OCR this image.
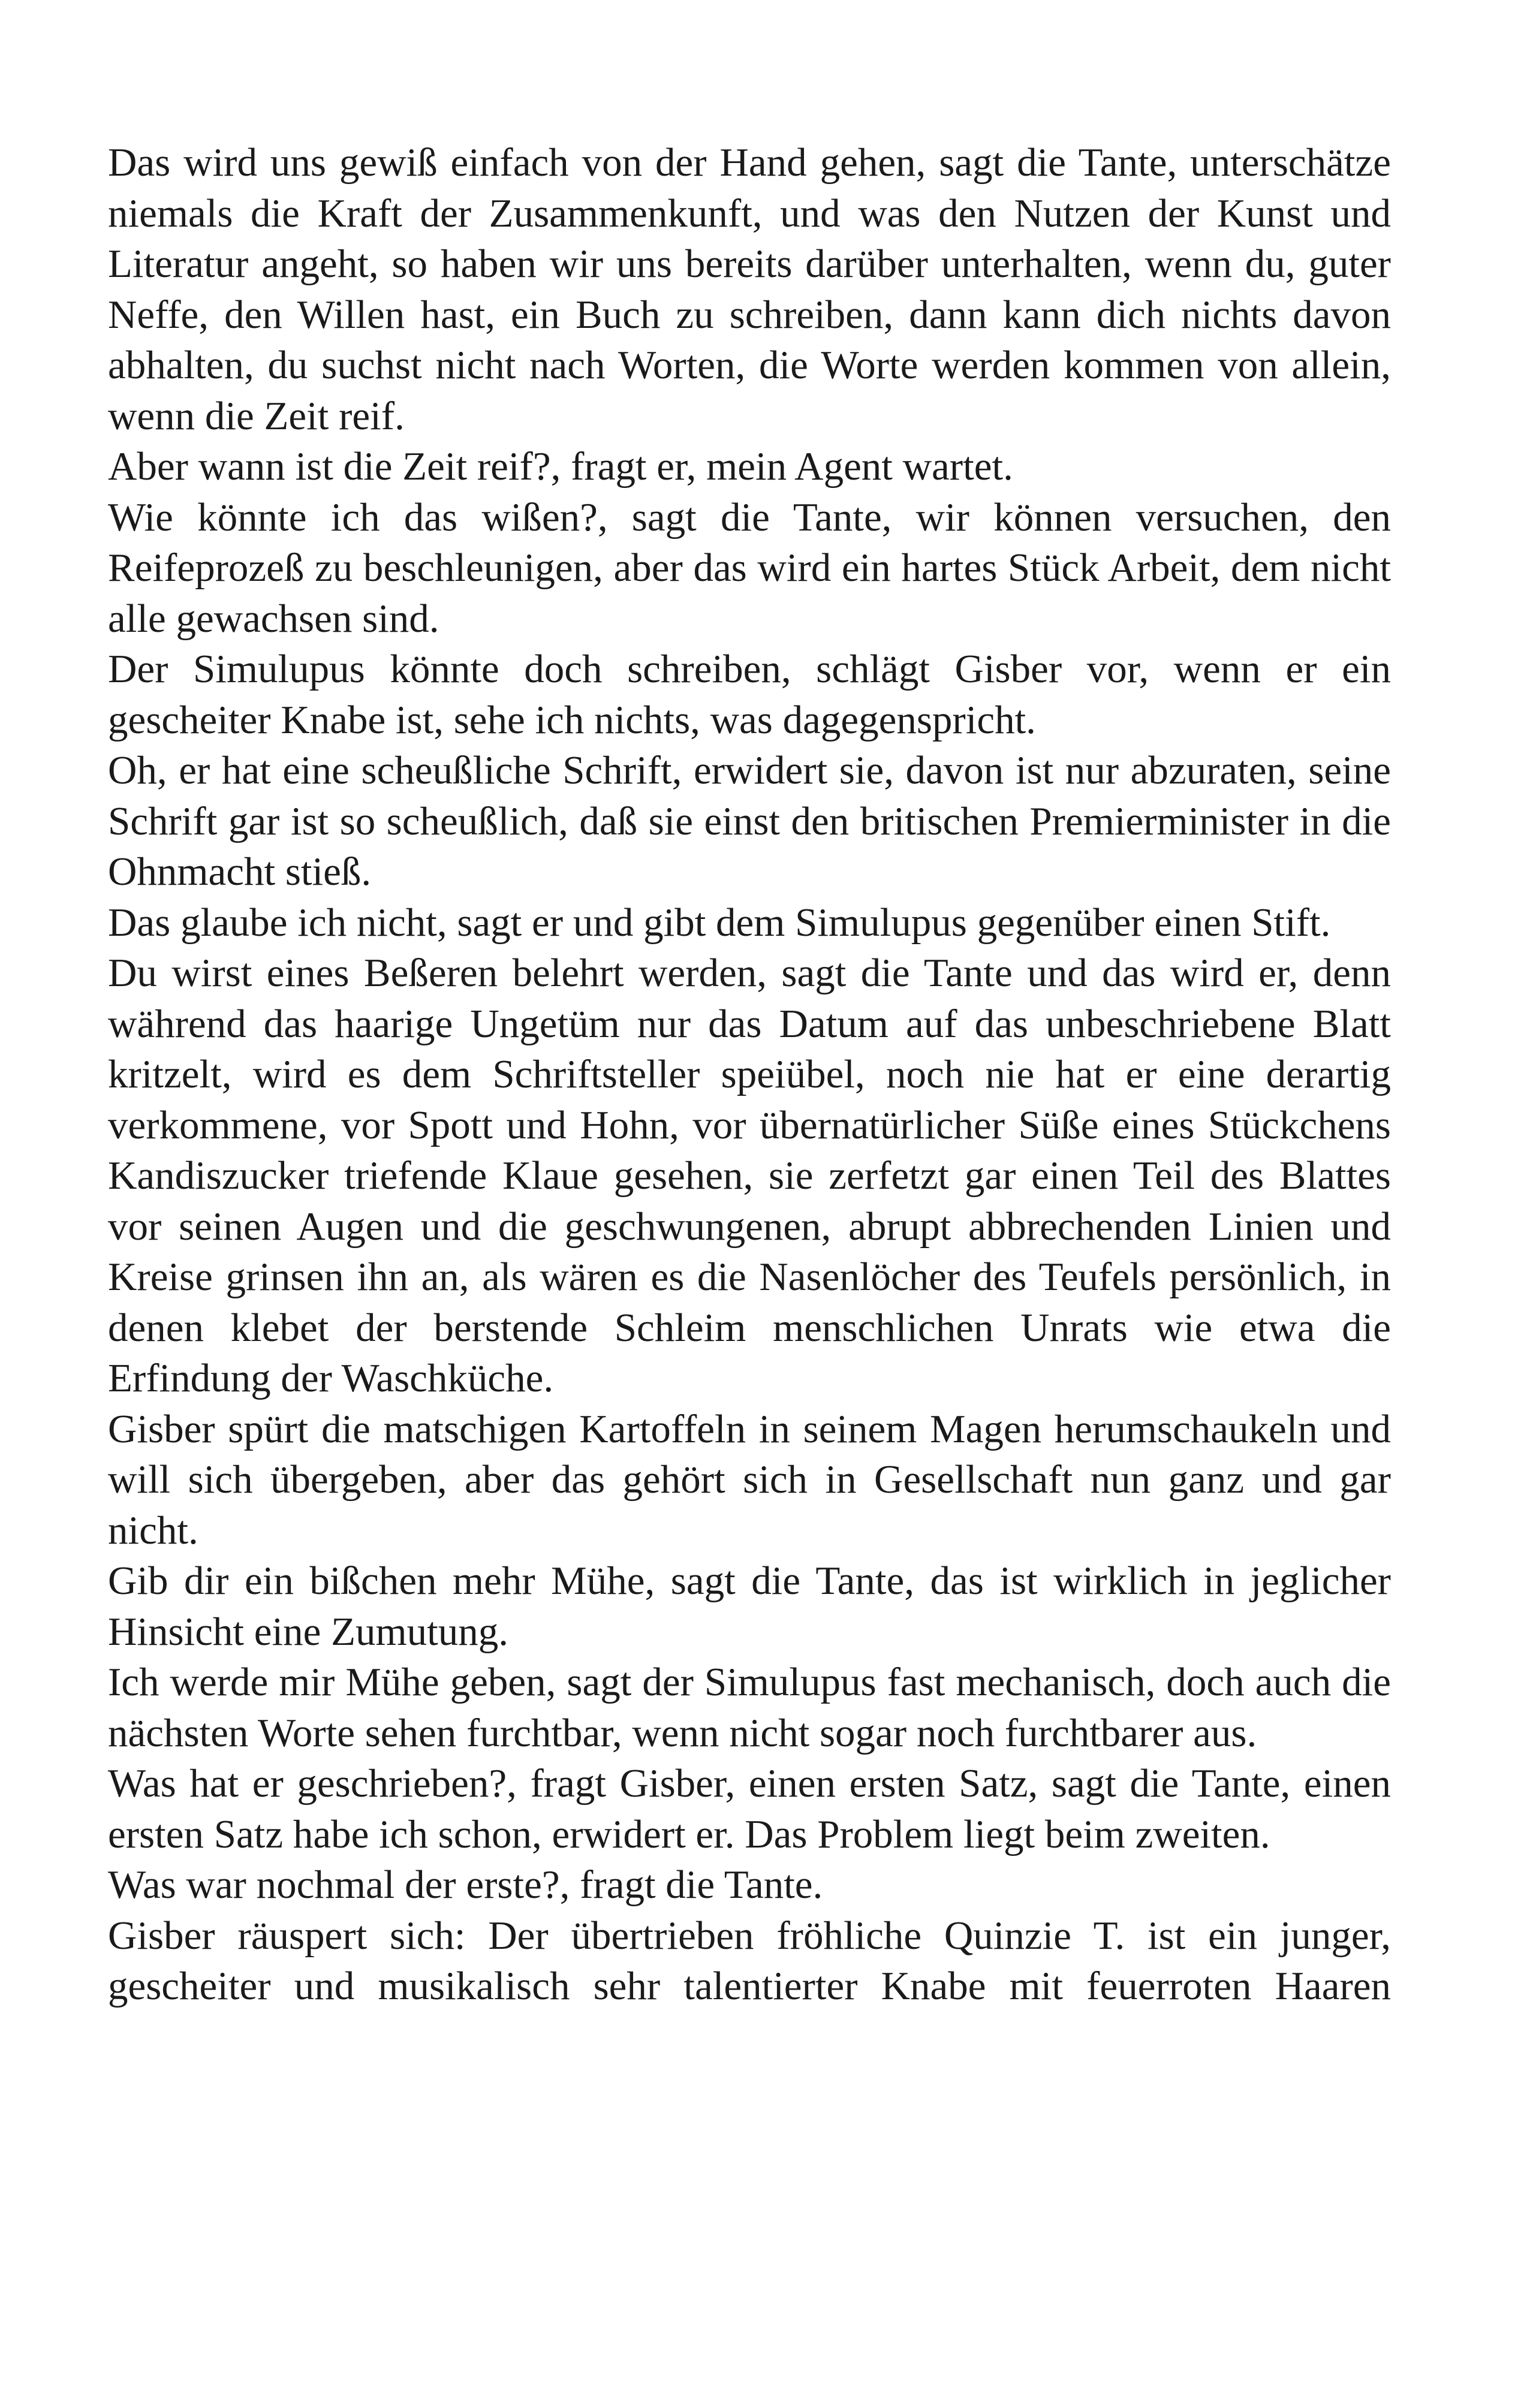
Das wird uns gewiß einfach von der Hand gehen, sagt die Tante, unterschätze niemals die Kraft der Zusammenkunft, und was den Nutzen der Kunst und Literatur angeht, so haben wir uns bereits darüber unterhalten, wenn du, guter Neffe, den Willen hast, ein Buch zu schreiben, dann kann dich nichts davon abhalten, du suchst nicht nach Worten, die Worte werden kommen von allein, wenn die Zeit reif.

Aber wann ist die Zeit reif?, fragt er, mein Agent wartet.

Wie könnte ich das wißen?, sagt die Tante, wir können versuchen, den Reifeprozeß zu beschleunigen, aber das wird ein hartes Stück Arbeit, dem nicht alle gewachsen sind.

Der Simulupus könnte doch schreiben, schlägt Gisber vor, wenn er ein gescheiter Knabe ist, sehe ich nichts, was dagegenspricht.

Oh, er hat eine scheußliche Schrift, erwidert sie, davon ist nur abzuraten, seine Schrift gar ist so scheußlich, daß sie einst den britischen Premierminister in die Ohnmacht stieß.

Das glaube ich nicht, sagt er und gibt dem Simulupus gegenüber einen Stift.

Du wirst eines Beßeren belehrt werden, sagt die Tante und das wird er, denn während das haarige Ungetüm nur das Datum auf das unbeschriebene Blatt kritzelt, wird es dem Schriftsteller speiübel, noch nie hat er eine derartig verkommene, vor Spott und Hohn, vor übernatürlicher Süße eines Stückchens Kandiszucker triefende Klaue gesehen, sie zerfetzt gar einen Teil des Blattes vor seinen Augen und die geschwungenen, abrupt abbrechenden Linien und Kreise grinsen ihn an, als wären es die Nasenlöcher des Teufels persönlich, in denen klebet der berstende Schleim menschlichen Unrats wie etwa die Erfindung der Waschküche.

Gisber spürt die matschigen Kartoffeln in seinem Magen herumschaukeln und will sich übergeben, aber das gehört sich in Gesellschaft nun ganz und gar nicht.

Gib dir ein bißchen mehr Mühe, sagt die Tante, das ist wirklich in jeglicher Hinsicht eine Zumutung.

Ich werde mir Mühe geben, sagt der Simulupus fast mechanisch, doch auch die nächsten Worte sehen furchtbar, wenn nicht sogar noch furchtbarer aus.

Was hat er geschrieben?, fragt Gisber, einen ersten Satz, sagt die Tante, einen ersten Satz habe ich schon, erwidert er. Das Problem liegt beim zweiten.

Was war nochmal der erste?, fragt die Tante.

Gisber räuspert sich: Der übertrieben fröhliche Quinzie T. ist ein junger, gescheiter und musikalisch sehr talentierter Knabe mit feuerroten Haaren
